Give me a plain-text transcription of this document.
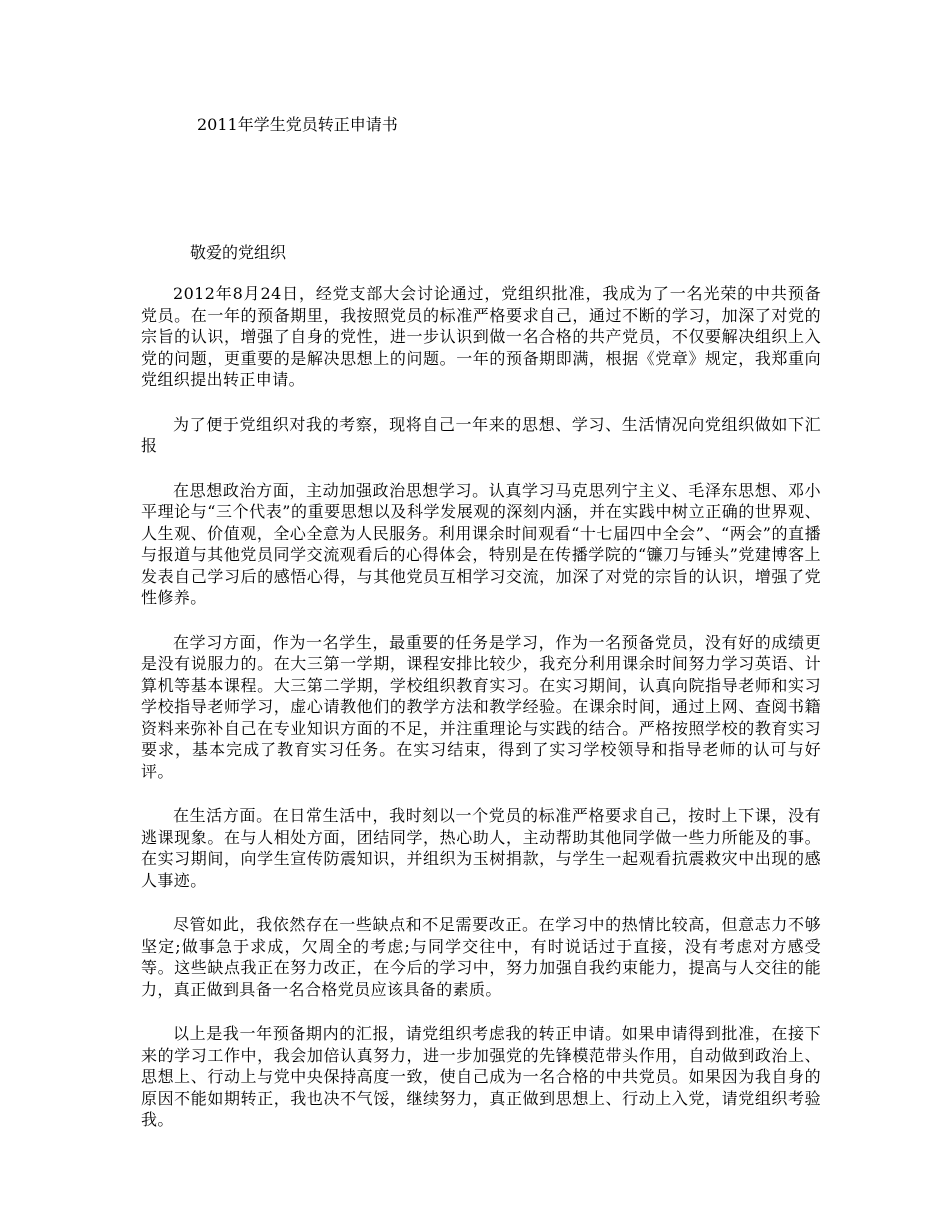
2011年学生党员转正申请书

敬爱的党组织

2012年8月24日，经党支部大会讨论通过，党组织批准，我成为了一名光荣的中共预备党员。在一年的预备期里，我按照党员的标准严格要求自己，通过不断的学习，加深了对党的宗旨的认识，增强了自身的党性，进一步认识到做一名合格的共产党员，不仅要解决组织上入党的问题，更重要的是解决思想上的问题。一年的预备期即满，根据《党章》规定，我郑重向党组织提出转正申请。

为了便于党组织对我的考察，现将自己一年来的思想、学习、生活情况向党组织做如下汇报

在思想政治方面，主动加强政治思想学习。认真学习马克思列宁主义、毛泽东思想、邓小平理论与“三个代表”的重要思想以及科学发展观的深刻内涵，并在实践中树立正确的世界观、人生观、价值观，全心全意为人民服务。利用课余时间观看“十七届四中全会”、“两会”的直播与报道与其他党员同学交流观看后的心得体会，特别是在传播学院的“镰刀与锤头”党建博客上发表自己学习后的感悟心得，与其他党员互相学习交流，加深了对党的宗旨的认识，增强了党性修养。

在学习方面，作为一名学生，最重要的任务是学习，作为一名预备党员，没有好的成绩更是没有说服力的。在大三第一学期，课程安排比较少，我充分利用课余时间努力学习英语、计算机等基本课程。大三第二学期，学校组织教育实习。在实习期间，认真向院指导老师和实习学校指导老师学习，虚心请教他们的教学方法和教学经验。在课余时间，通过上网、查阅书籍资料来弥补自己在专业知识方面的不足，并注重理论与实践的结合。严格按照学校的教育实习要求，基本完成了教育实习任务。在实习结束，得到了实习学校领导和指导老师的认可与好评。

在生活方面。在日常生活中，我时刻以一个党员的标准严格要求自己，按时上下课，没有逃课现象。在与人相处方面，团结同学，热心助人，主动帮助其他同学做一些力所能及的事。在实习期间，向学生宣传防震知识，并组织为玉树捐款，与学生一起观看抗震救灾中出现的感人事迹。

尽管如此，我依然存在一些缺点和不足需要改正。在学习中的热情比较高，但意志力不够坚定;做事急于求成，欠周全的考虑;与同学交往中，有时说话过于直接，没有考虑对方感受等。这些缺点我正在努力改正，在今后的学习中，努力加强自我约束能力，提高与人交往的能力，真正做到具备一名合格党员应该具备的素质。

以上是我一年预备期内的汇报，请党组织考虑我的转正申请。如果申请得到批准，在接下来的学习工作中，我会加倍认真努力，进一步加强党的先锋模范带头作用，自动做到政治上、思想上、行动上与党中央保持高度一致，使自己成为一名合格的中共党员。如果因为我自身的原因不能如期转正，我也决不气馁，继续努力，真正做到思想上、行动上入党，请党组织考验我。
